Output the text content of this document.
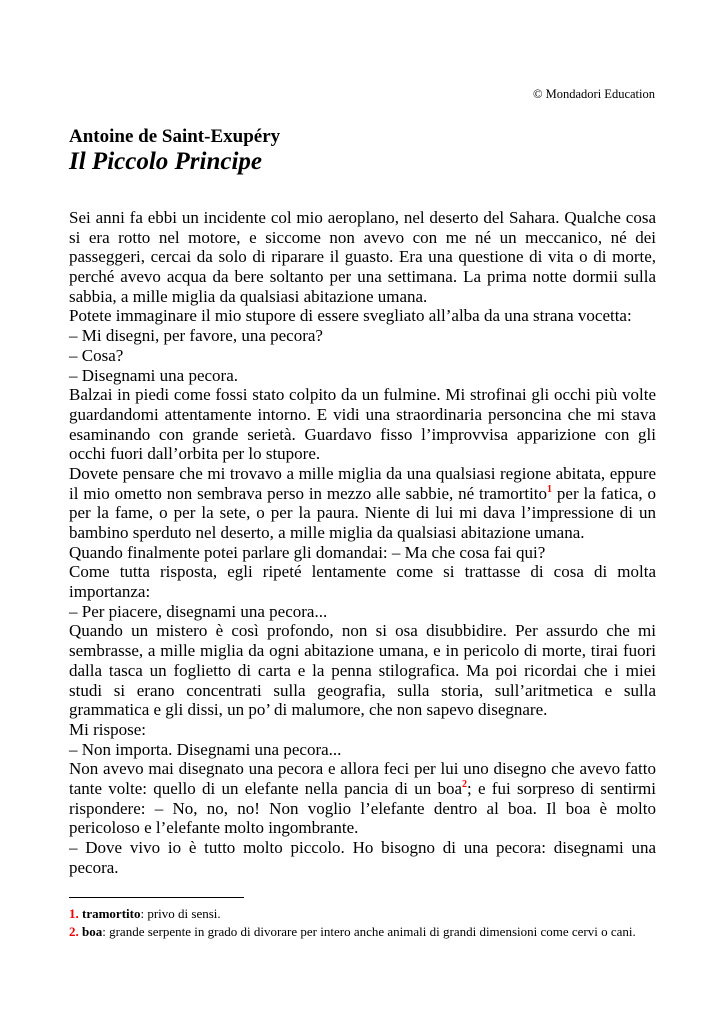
© Mondadori Education
Antoine de Saint-Exupéry
Il Piccolo Principe
Sei anni fa ebbi un incidente col mio aeroplano, nel deserto del Sahara. Qualche cosa
si era rotto nel motore, e siccome non avevo con me né un meccanico, né dei
passeggeri, cercai da solo di riparare il guasto. Era una questione di vita o di morte,
perché avevo acqua da bere soltanto per una settimana. La prima notte dormii sulla
sabbia, a mille miglia da qualsiasi abitazione umana.
Potete immaginare il mio stupore di essere svegliato all’alba da una strana vocetta:
– Mi disegni, per favore, una pecora?
– Cosa?
– Disegnami una pecora.
Balzai in piedi come fossi stato colpito da un fulmine. Mi strofinai gli occhi più volte
guardandomi attentamente intorno. E vidi una straordinaria personcina che mi stava
esaminando con grande serietà. Guardavo fisso l’improvvisa apparizione con gli
occhi fuori dall’orbita per lo stupore.
Dovete pensare che mi trovavo a mille miglia da una qualsiasi regione abitata, eppure
il mio ometto non sembrava perso in mezzo alle sabbie, né tramortito$^1$ per la fatica, o
per la fame, o per la sete, o per la paura. Niente di lui mi dava l’impressione di un
bambino sperduto nel deserto, a mille miglia da qualsiasi abitazione umana.
Quando finalmente potei parlare gli domandai: – Ma che cosa fai qui?
Come tutta risposta, egli ripeté lentamente come si trattasse di cosa di molta
importanza:
– Per piacere, disegnami una pecora...
Quando un mistero è così profondo, non si osa disubbidire. Per assurdo che mi
sembrasse, a mille miglia da ogni abitazione umana, e in pericolo di morte, tirai fuori
dalla tasca un foglietto di carta e la penna stilografica. Ma poi ricordai che i miei
studi si erano concentrati sulla geografia, sulla storia, sull’aritmetica e sulla
grammatica e gli dissi, un po’ di malumore, che non sapevo disegnare.
Mi rispose:
– Non importa. Disegnami una pecora...
Non avevo mai disegnato una pecora e allora feci per lui uno disegno che avevo fatto
tante volte: quello di un elefante nella pancia di un boa$^2$; e fui sorpreso di sentirmi
rispondere: – No, no, no! Non voglio l’elefante dentro al boa. Il boa è molto
pericoloso e l’elefante molto ingombrante.
– Dove vivo io è tutto molto piccolo. Ho bisogno di una pecora: disegnami una
pecora.
1. tramortito: privo di sensi.
2. boa: grande serpente in grado di divorare per intero anche animali di grandi dimensioni come cervi o cani.
